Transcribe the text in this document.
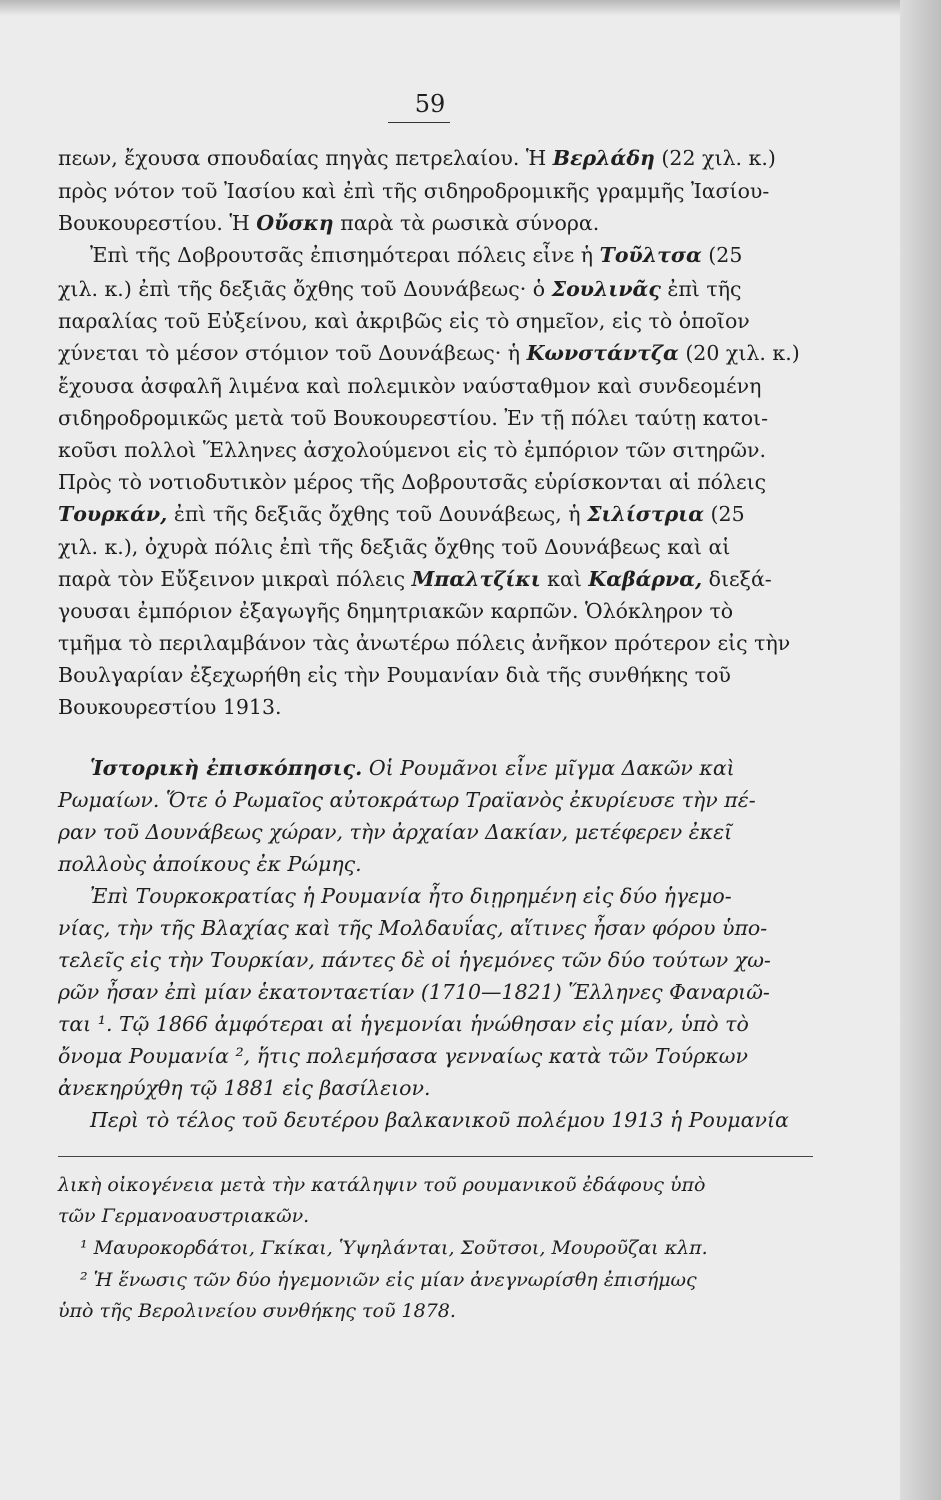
59
πεων, ἔχουσα σπουδαίας πηγὰς πετρελαίου. Ἡ Βερλάδη (22 χιλ. κ.)
πρὸς νότον τοῦ Ἰασίου καὶ ἐπὶ τῆς σιδηροδρομικῆς γραμμῆς Ἰασίου-
Βουκουρεστίου. Ἡ Οὔσκη παρὰ τὰ ρωσικὰ σύνορα.
Ἐπὶ τῆς Δοβρουτσᾶς ἐπισημότεραι πόλεις εἶνε ἡ Τοῦλτσα (25
χιλ. κ.) ἐπὶ τῆς δεξιᾶς ὄχθης τοῦ Δουνάβεως· ὁ Σουλινᾶς ἐπὶ τῆς
παραλίας τοῦ Εὐξείνου, καὶ ἀκριβῶς εἰς τὸ σημεῖον, εἰς τὸ ὁποῖον
χύνεται τὸ μέσον στόμιον τοῦ Δουνάβεως· ἡ Κωνστάντζα (20 χιλ. κ.)
ἔχουσα ἀσφαλῆ λιμένα καὶ πολεμικὸν ναύσταθμον καὶ συνδεομένη
σιδηροδρομικῶς μετὰ τοῦ Βουκουρεστίου. Ἐν τῇ πόλει ταύτῃ κατοι-
κοῦσι πολλοὶ Ἕλληνες ἀσχολούμενοι εἰς τὸ ἐμπόριον τῶν σιτηρῶν.
Πρὸς τὸ νοτιοδυτικὸν μέρος τῆς Δοβρουτσᾶς εὑρίσκονται αἱ πόλεις
Τουρκάν, ἐπὶ τῆς δεξιᾶς ὄχθης τοῦ Δουνάβεως, ἡ Σιλίστρια (25
χιλ. κ.), ὀχυρὰ πόλις ἐπὶ τῆς δεξιᾶς ὄχθης τοῦ Δουνάβεως καὶ αἱ
παρὰ τὸν Εὔξεινον μικραὶ πόλεις Μπαλτζίκι καὶ Καβάρνα, διεξά-
γουσαι ἐμπόριον ἐξαγωγῆς δημητριακῶν καρπῶν. Ὁλόκληρον τὸ
τμῆμα τὸ περιλαμβάνον τὰς ἀνωτέρω πόλεις ἀνῆκον πρότερον εἰς τὴν
Βουλγαρίαν ἐξεχωρήθη εἰς τὴν Ρουμανίαν διὰ τῆς συνθήκης τοῦ
Βουκουρεστίου 1913.
Ἱστορικὴ ἐπισκόπησις. Οἱ Ρουμᾶνοι εἶνε μῖγμα Δακῶν καὶ
Ρωμαίων. Ὅτε ὁ Ρωμαῖος αὐτοκράτωρ Τραϊανὸς ἐκυρίευσε τὴν πέ-
ραν τοῦ Δουνάβεως χώραν, τὴν ἀρχαίαν Δακίαν, μετέφερεν ἐκεῖ
πολλοὺς ἀποίκους ἐκ Ρώμης.
Ἐπὶ Τουρκοκρατίας ἡ Ρουμανία ἦτο διῃρημένη εἰς δύο ἡγεμο-
νίας, τὴν τῆς Βλαχίας καὶ τῆς Μολδαυΐας, αἵτινες ἦσαν φόρου ὑπο-
τελεῖς εἰς τὴν Τουρκίαν, πάντες δὲ οἱ ἡγεμόνες τῶν δύο τούτων χω-
ρῶν ἦσαν ἐπὶ μίαν ἑκατονταετίαν (1710—1821) Ἕλληνες Φαναριῶ-
ται ¹. Τῷ 1866 ἀμφότεραι αἱ ἡγεμονίαι ἡνώθησαν εἰς μίαν, ὑπὸ τὸ
ὄνομα Ρουμανία ², ἥτις πολεμήσασα γενναίως κατὰ τῶν Τούρκων
ἀνεκηρύχθη τῷ 1881 εἰς βασίλειον.
Περὶ τὸ τέλος τοῦ δευτέρου βαλκανικοῦ πολέμου 1913 ἡ Ρουμανία
λικὴ οἰκογένεια μετὰ τὴν κατάληψιν τοῦ ρουμανικοῦ ἐδάφους ὑπὸ
τῶν Γερμανοαυστριακῶν.
¹ Μαυροκορδάτοι, Γκίκαι, Ὑψηλάνται, Σοῦτσοι, Μουροῦζαι κλπ.
² Ἡ ἕνωσις τῶν δύο ἡγεμονιῶν εἰς μίαν ἀνεγνωρίσθη ἐπισήμως
ὑπὸ τῆς Βερολινείου συνθήκης τοῦ 1878.
